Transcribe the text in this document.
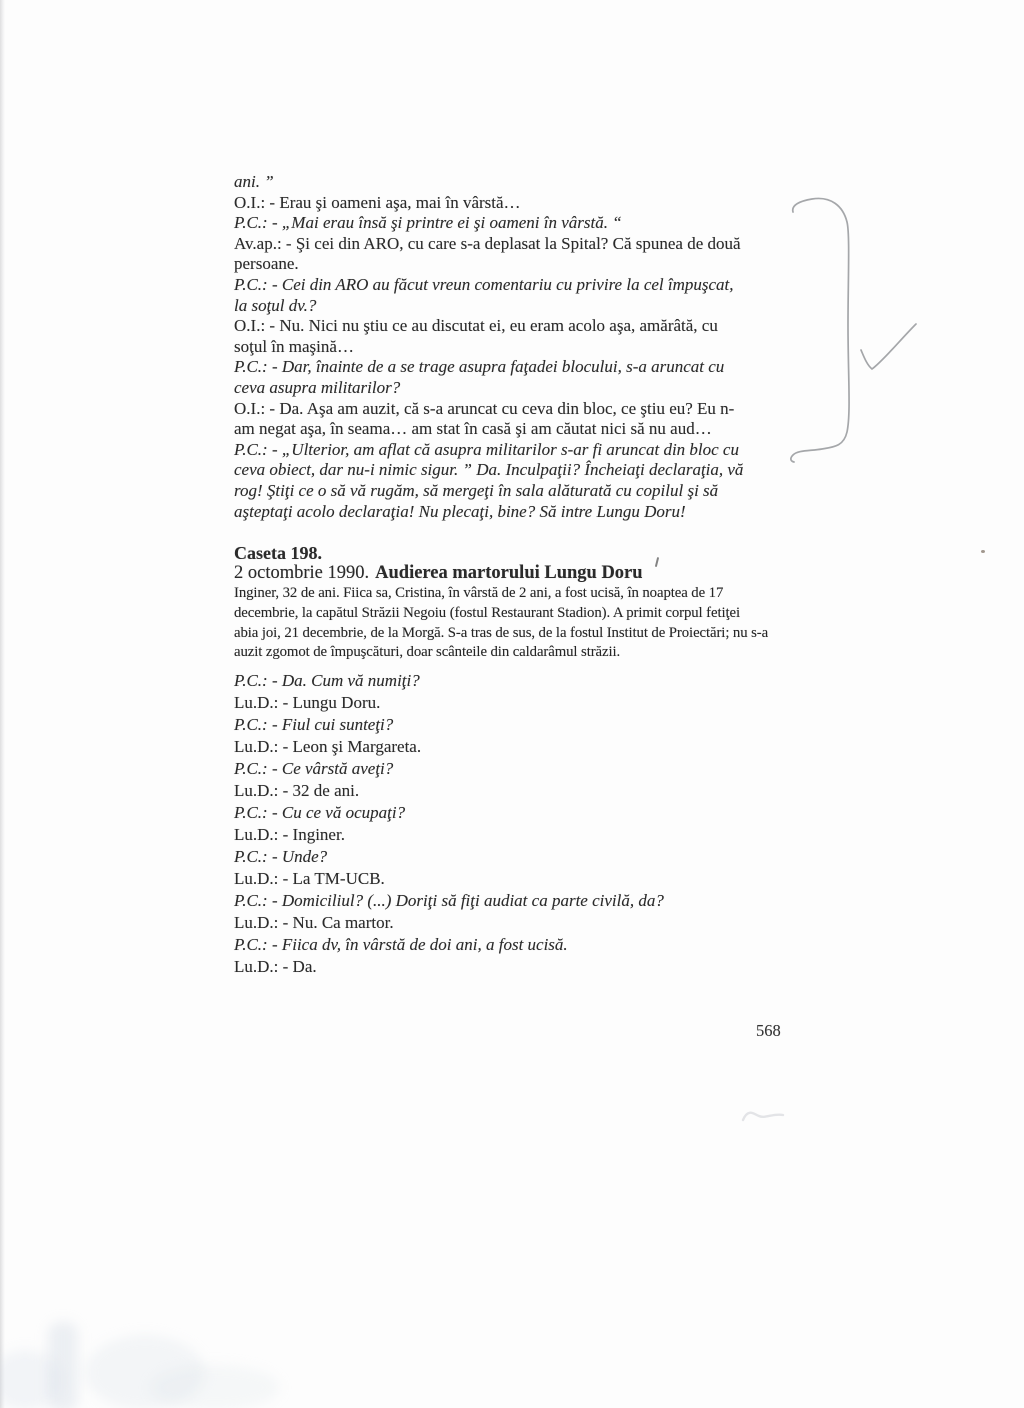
ani. ”
O.I.: - Erau şi oameni aşa, mai în vârstă…
P.C.: - „Mai erau însă şi printre ei şi oameni în vârstă. “
Av.ap.: - Şi cei din ARO, cu care s-a deplasat la Spital? Că spunea de două
persoane.
P.C.: - Cei din ARO au făcut vreun comentariu cu privire la cel împuşcat,
la soţul dv.?
O.I.: - Nu. Nici nu ştiu ce au discutat ei, eu eram acolo aşa, amărâtă, cu
soţul în maşină…
P.C.: - Dar, înainte de a se trage asupra faţadei blocului, s-a aruncat cu
ceva asupra militarilor?
O.I.: - Da. Aşa am auzit, că s-a aruncat cu ceva din bloc, ce ştiu eu? Eu n-
am negat aşa, în seama… am stat în casă şi am căutat nici să nu aud…
P.C.: - „Ulterior, am aflat că asupra militarilor s-ar fi aruncat din bloc cu
ceva obiect, dar nu-i nimic sigur. ” Da. Inculpaţii? Încheiaţi declaraţia, vă
rog! Ştiţi ce o să vă rugăm, să mergeţi în sala alăturată cu copilul şi să
aşteptaţi acolo declaraţia! Nu plecaţi, bine? Să intre Lungu Doru!
Caseta 198.
2 octombrie 1990. Audierea martorului Lungu Doru
Inginer, 32 de ani. Fiica sa, Cristina, în vârstă de 2 ani, a fost ucisă, în noaptea de 17
decembrie, la capătul Străzii Negoiu (fostul Restaurant Stadion). A primit corpul fetiţei
abia joi, 21 decembrie, de la Morgă. S-a tras de sus, de la fostul Institut de Proiectări; nu s-a
auzit zgomot de împuşcături, doar scânteile din caldarâmul străzii.
P.C.: - Da. Cum vă numiţi?
Lu.D.: - Lungu Doru.
P.C.: - Fiul cui sunteţi?
Lu.D.: - Leon şi Margareta.
P.C.: - Ce vârstă aveţi?
Lu.D.: - 32 de ani.
P.C.: - Cu ce vă ocupaţi?
Lu.D.: - Inginer.
P.C.: - Unde?
Lu.D.: - La TM-UCB.
P.C.: - Domiciliul? (...) Doriţi să fiţi audiat ca parte civilă, da?
Lu.D.: - Nu. Ca martor.
P.C.: - Fiica dv, în vârstă de doi ani, a fost ucisă.
Lu.D.: - Da.
568
